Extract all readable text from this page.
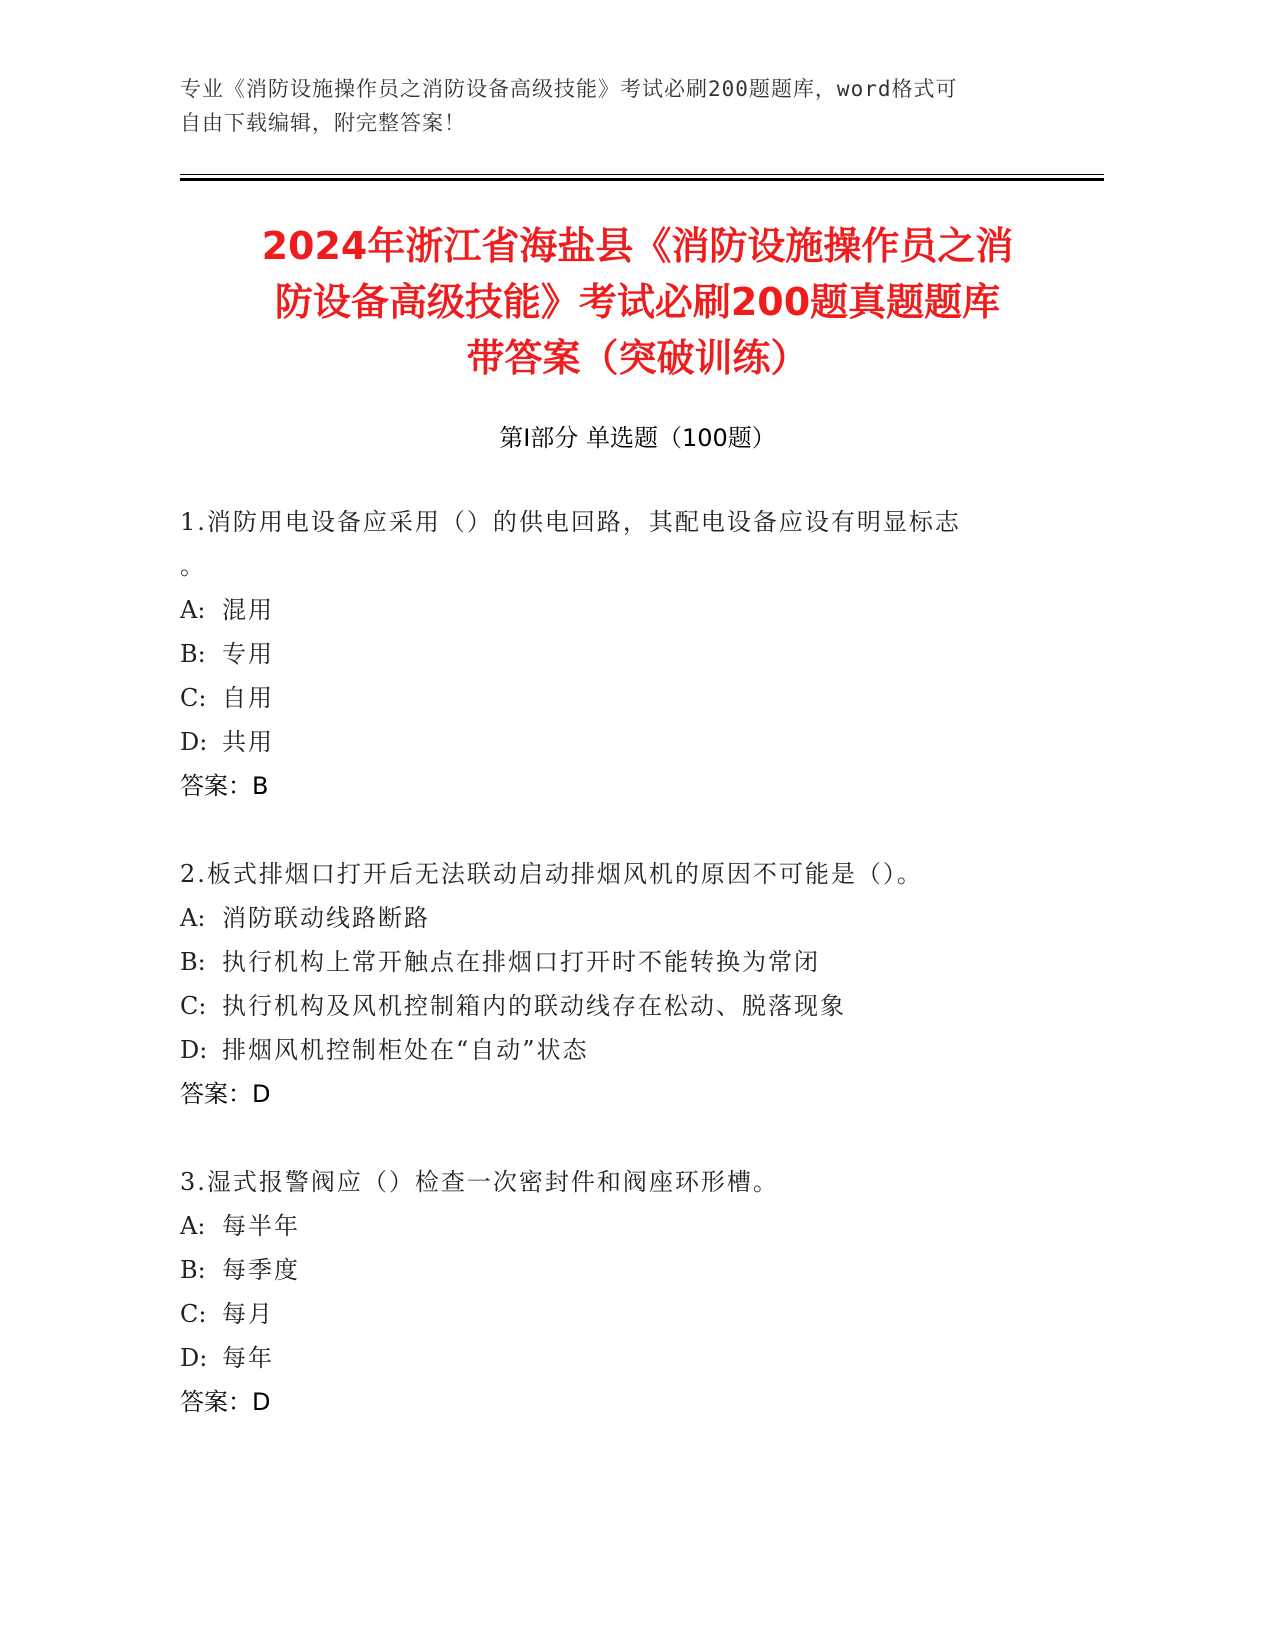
专业《消防设施操作员之消防设备高级技能》考试必刷200题题库，word格式可
自由下载编辑，附完整答案！
2024年浙江省海盐县《消防设施操作员之消
防设备高级技能》考试必刷200题真题题库
带答案（突破训练）
第Ⅰ部分 单选题（100题）
1.消防用电设备应采用（）的供电回路，其配电设备应设有明显标志
。
A: 混用
B: 专用
C: 自用
D: 共用
答案：B
2.板式排烟口打开后无法联动启动排烟风机的原因不可能是（）。
A: 消防联动线路断路
B: 执行机构上常开触点在排烟口打开时不能转换为常闭
C: 执行机构及风机控制箱内的联动线存在松动、脱落现象
D: 排烟风机控制柜处在“自动”状态
答案：D
3.湿式报警阀应（）检查一次密封件和阀座环形槽。
A: 每半年
B: 每季度
C: 每月
D: 每年
答案：D
